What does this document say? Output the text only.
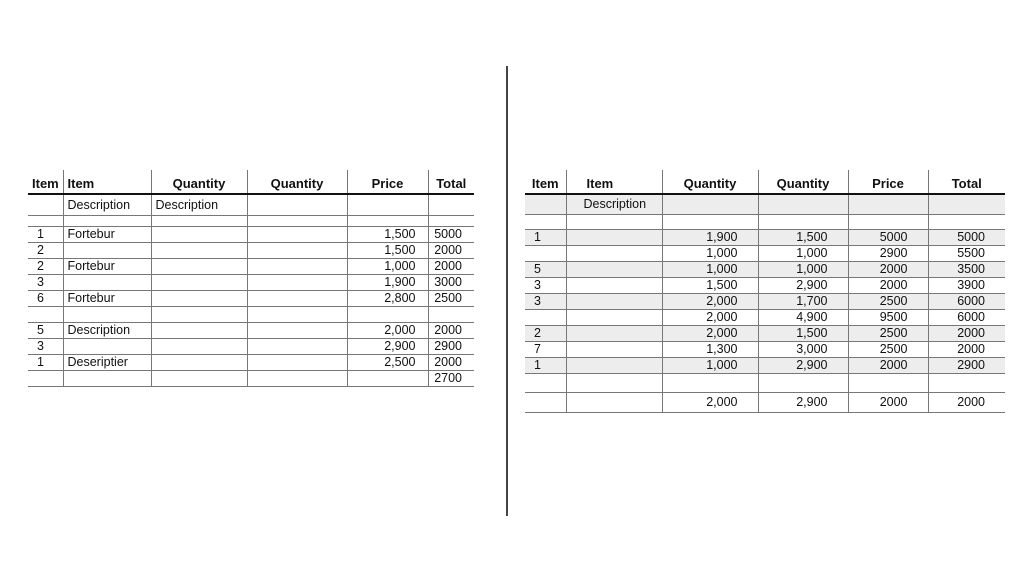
Item	Item	Quantity	Quantity	Price	Total
	Description	Description			

1	Fortebur			1,500	5000
2				1,500	2000
2	Fortebur			1,000	2000
3				1,900	3000
6	Fortebur			2,800	2500

5	Description			2,000	2000
3				2,900	2900
1	Deseriptier			2,500	2000
					2700
Item	Item	Quantity	Quantity	Price	Total
	Description				

1		1,900	1,500	5000	5000
		1,000	1,000	2900	5500
5		1,000	1,000	2000	3500
3		1,500	2,900	2000	3900
3		2,000	1,700	2500	6000
		2,000	4,900	9500	6000
2		2,000	1,500	2500	2000
7		1,300	3,000	2500	2000
1		1,000	2,900	2000	2900

		2,000	2,900	2000	2000
